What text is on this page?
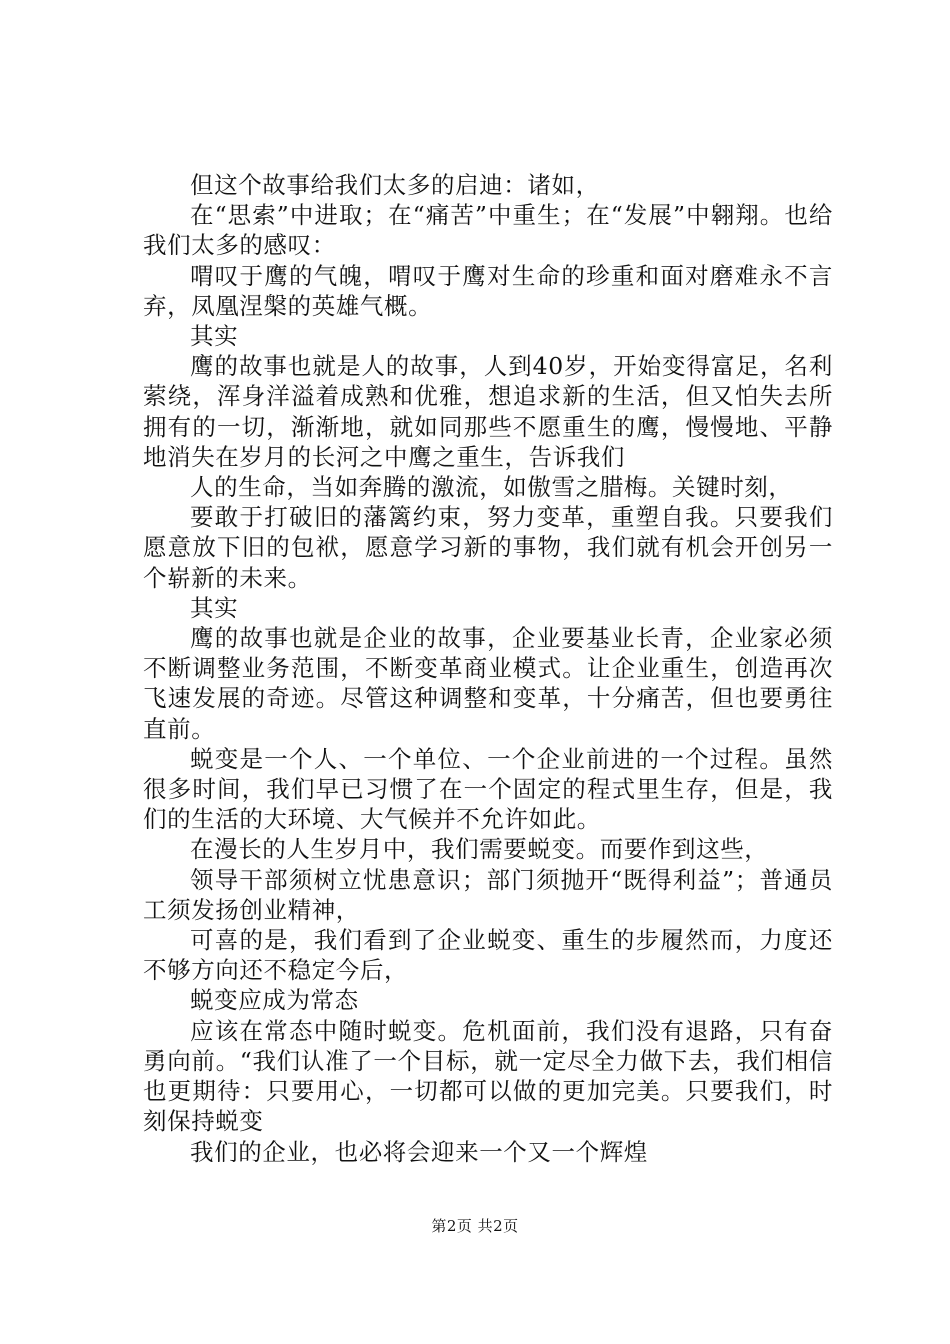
但这个故事给我们太多的启迪：诸如，

在“思索”中进取；在“痛苦”中重生；在“发展”中翱翔。也给我们太多的感叹：

喟叹于鹰的气魄，喟叹于鹰对生命的珍重和面对磨难永不言弃，凤凰涅槃的英雄气概。

其实

鹰的故事也就是人的故事，人到40岁，开始变得富足，名利萦绕，浑身洋溢着成熟和优雅，想追求新的生活，但又怕失去所拥有的一切，渐渐地，就如同那些不愿重生的鹰，慢慢地、平静地消失在岁月的长河之中鹰之重生，告诉我们

人的生命，当如奔腾的激流，如傲雪之腊梅。关键时刻，

要敢于打破旧的藩篱约束，努力变革，重塑自我。只要我们愿意放下旧的包袱，愿意学习新的事物，我们就有机会开创另一个崭新的未来。

其实

鹰的故事也就是企业的故事，企业要基业长青，企业家必须不断调整业务范围，不断变革商业模式。让企业重生，创造再次飞速发展的奇迹。尽管这种调整和变革，十分痛苦，但也要勇往直前。

蜕变是一个人、一个单位、一个企业前进的一个过程。虽然很多时间，我们早已习惯了在一个固定的程式里生存，但是，我们的生活的大环境、大气候并不允许如此。

在漫长的人生岁月中，我们需要蜕变。而要作到这些，

领导干部须树立忧患意识；部门须抛开“既得利益”；普通员工须发扬创业精神，

可喜的是，我们看到了企业蜕变、重生的步履然而，力度还不够方向还不稳定今后，

蜕变应成为常态

应该在常态中随时蜕变。危机面前，我们没有退路，只有奋勇向前。“我们认准了一个目标，就一定尽全力做下去，我们相信也更期待：只要用心，一切都可以做的更加完美。只要我们，时刻保持蜕变

我们的企业，也必将会迎来一个又一个辉煌

第2页 共2页
